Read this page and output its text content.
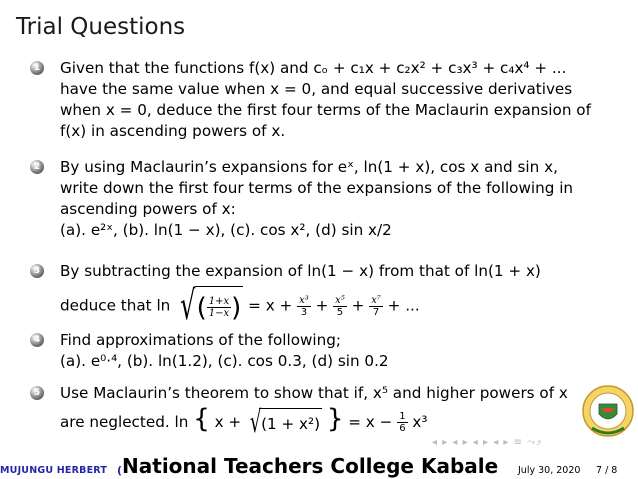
Trial Questions
1 Given that the functions f(x) and cₒ + c₁x + c₂x² + c₃x³ + c₄x⁴ + ...
have the same value when x = 0, and equal successive derivatives
when x = 0, deduce the first four terms of the Maclaurin expansion of
f(x) in ascending powers of x.
2 By using Maclaurin’s expansions for eˣ, ln(1 + x), cos x and sin x,
write down the first four terms of the expansions of the following in
ascending powers of x:
(a). e²ˣ, (b). ln(1 − x), (c). cos x², (d) sin x/2
3 By subtracting the expansion of ln(1 − x) from that of ln(1 + x)
deduce that ln √ ( $\frac{1+x}{1-x}$ ) = $x + \frac{\text{x³}}{3} + \frac{\text{x⁵}}{5} + \frac{\text{x⁷}}{7}$ + ...
4 Find approximations of the following;
(a). e⁰·⁴, (b). ln(1.2), (c). cos 0.3, (d) sin 0.2
5 Use Maclaurin’s theorem to show that if, x⁵ and higher powers of x
are neglected. ln { x + √ (1 + x²) } = $x - \frac{1}{6} x^3$
◂ ▸ ◂ ▸ ◂ ▸ ◂ ▸ ≡ ⤳⤴
MUJUNGU HERBERT (National Teachers College Kabale July 30, 2020 7 / 8
